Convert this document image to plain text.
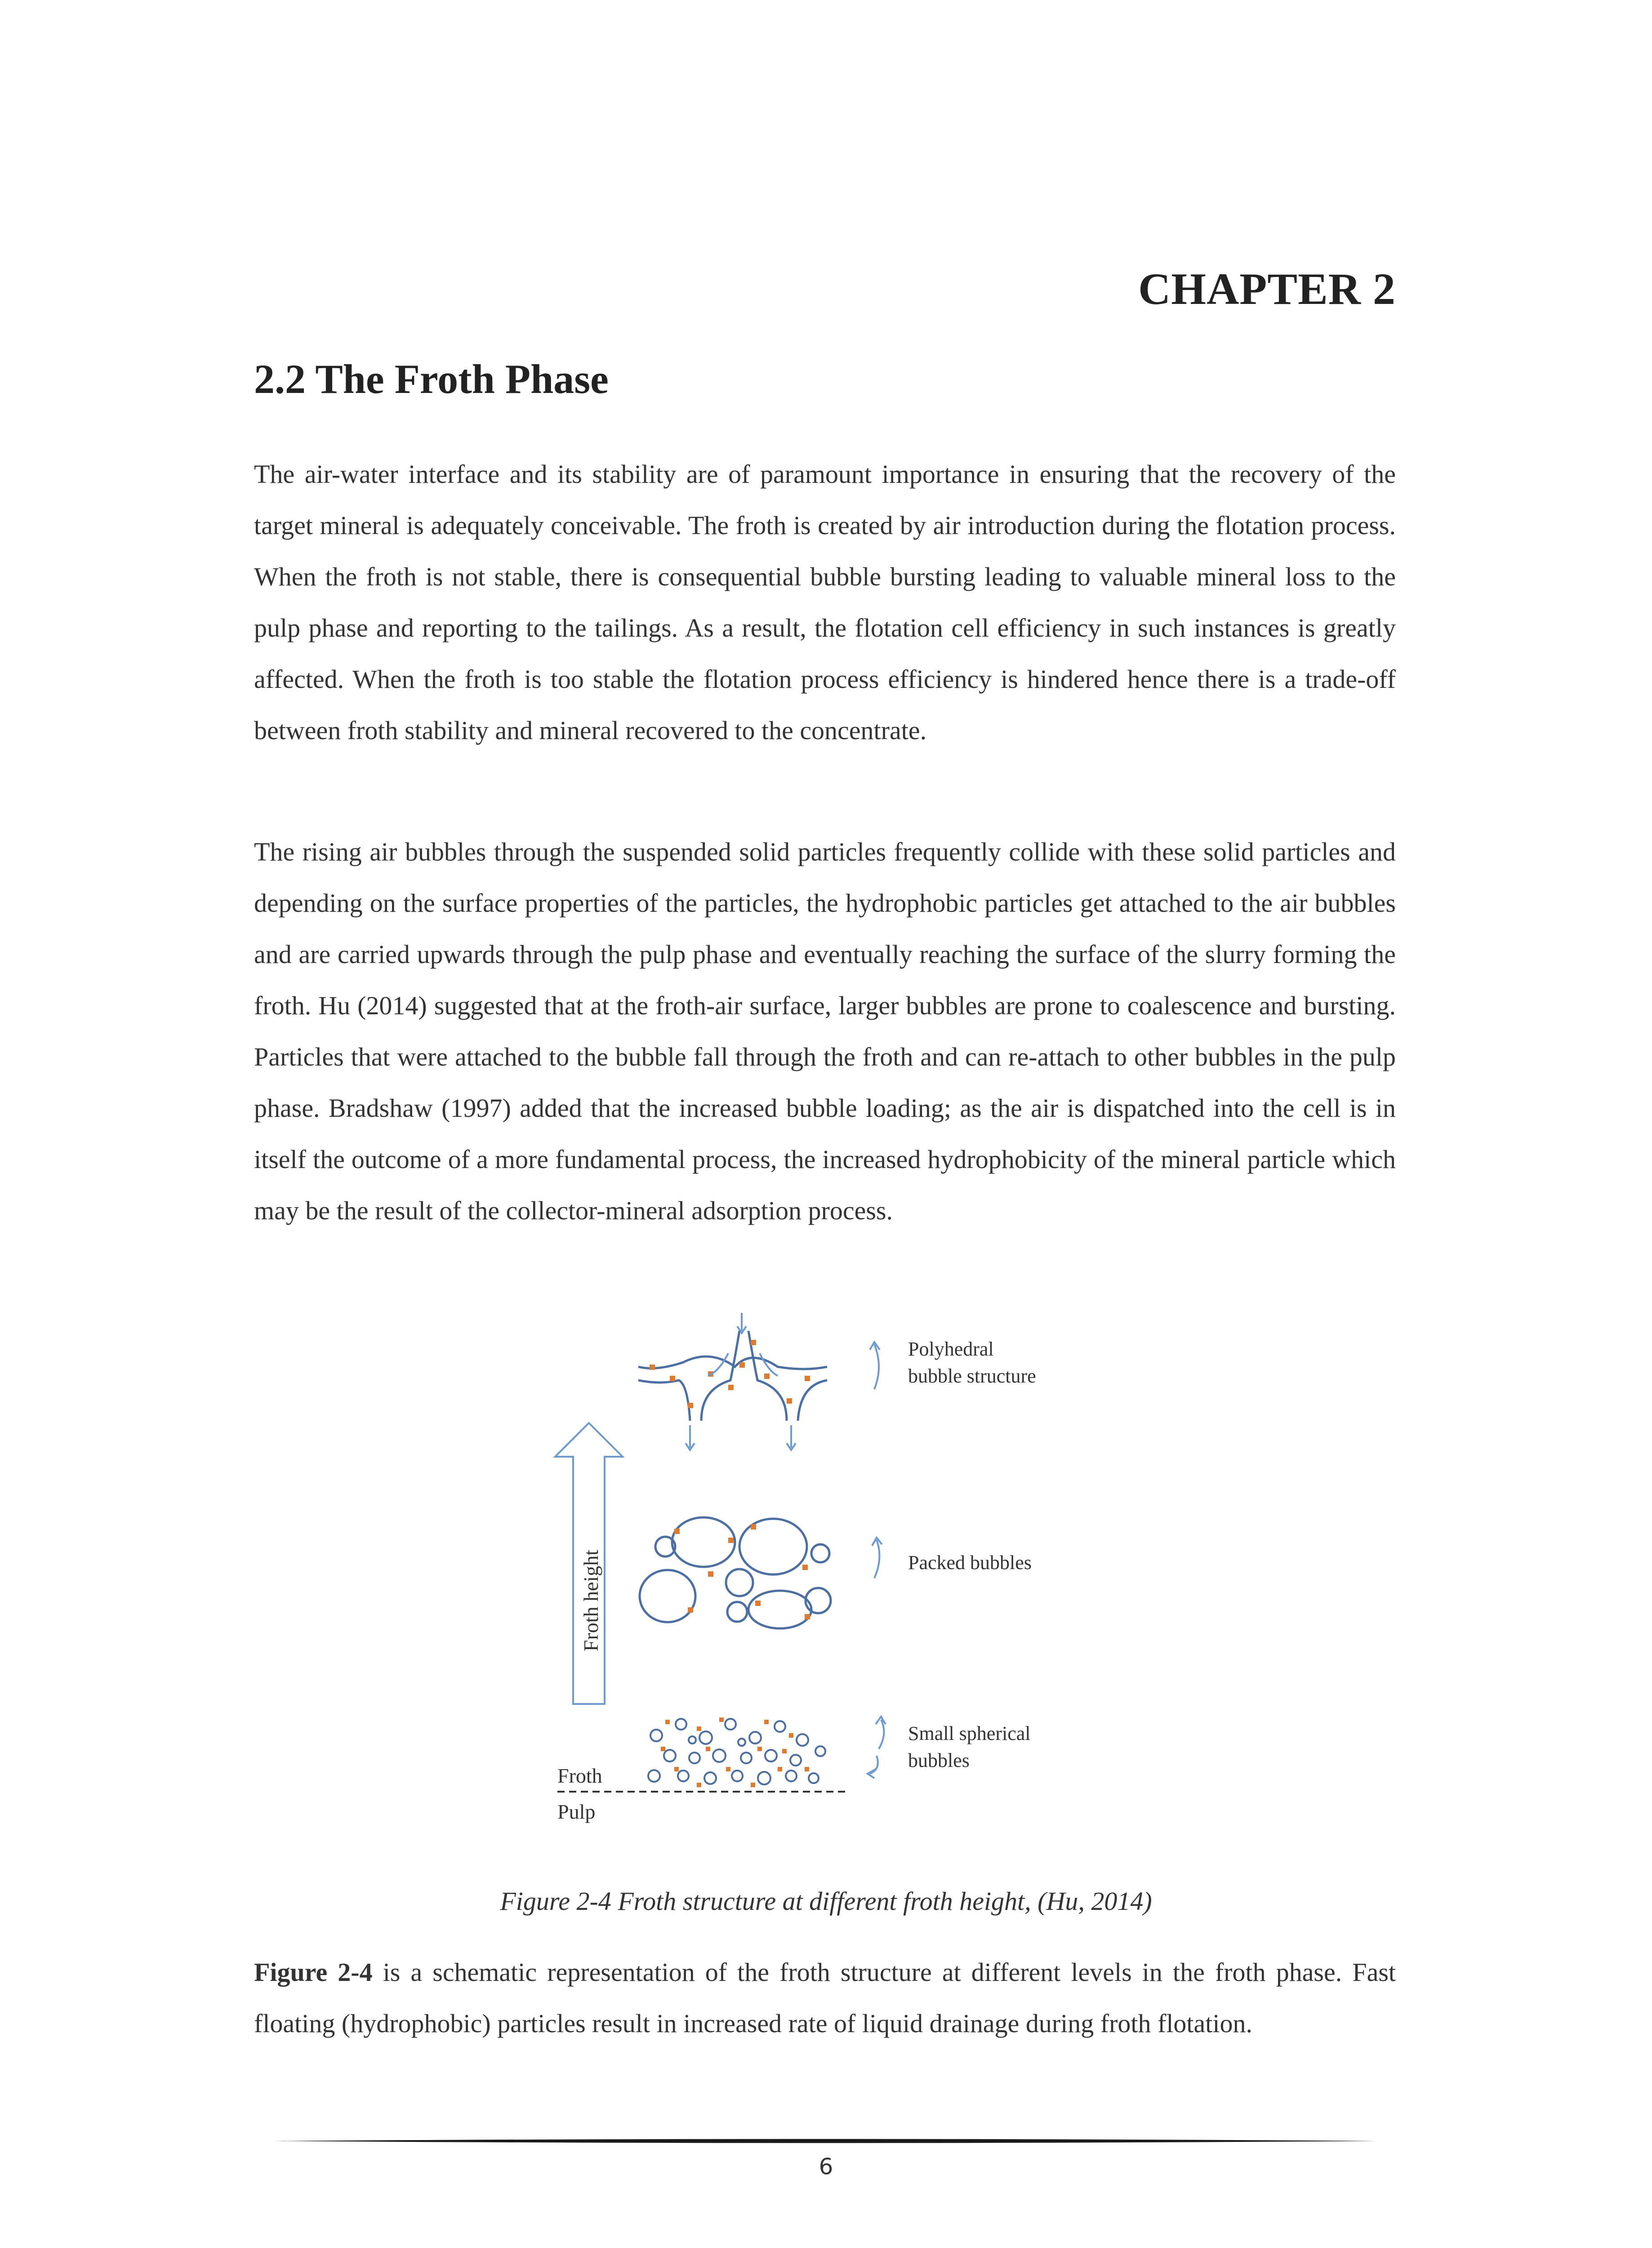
CHAPTER 2
2.2 The Froth Phase

The air-water interface and its stability are of paramount importance in ensuring that the recovery of the target mineral is adequately conceivable. The froth is created by air introduction during the flotation process. When the froth is not stable, there is consequential bubble bursting leading to valuable mineral loss to the pulp phase and reporting to the tailings. As a result, the flotation cell efficiency in such instances is greatly affected. When the froth is too stable the flotation process efficiency is hindered hence there is a trade-off between froth stability and mineral recovered to the concentrate.

The rising air bubbles through the suspended solid particles frequently collide with these solid particles and depending on the surface properties of the particles, the hydrophobic particles get attached to the air bubbles and are carried upwards through the pulp phase and eventually reaching the surface of the slurry forming the froth. Hu (2014) suggested that at the froth-air surface, larger bubbles are prone to coalescence and bursting. Particles that were attached to the bubble fall through the froth and can re-attach to other bubbles in the pulp phase. Bradshaw (1997) added that the increased bubble loading; as the air is dispatched into the cell is in itself the outcome of a more fundamental process, the increased hydrophobicity of the mineral particle which may be the result of the collector-mineral adsorption process.

Froth height
Froth
Pulp
Polyhedral
bubble structure
Packed bubbles
Small spherical
bubbles
Figure 2-4 Froth structure at different froth height, (Hu, 2014)

Figure 2-4 is a schematic representation of the froth structure at different levels in the froth phase. Fast floating (hydrophobic) particles result in increased rate of liquid drainage during froth flotation.

6
